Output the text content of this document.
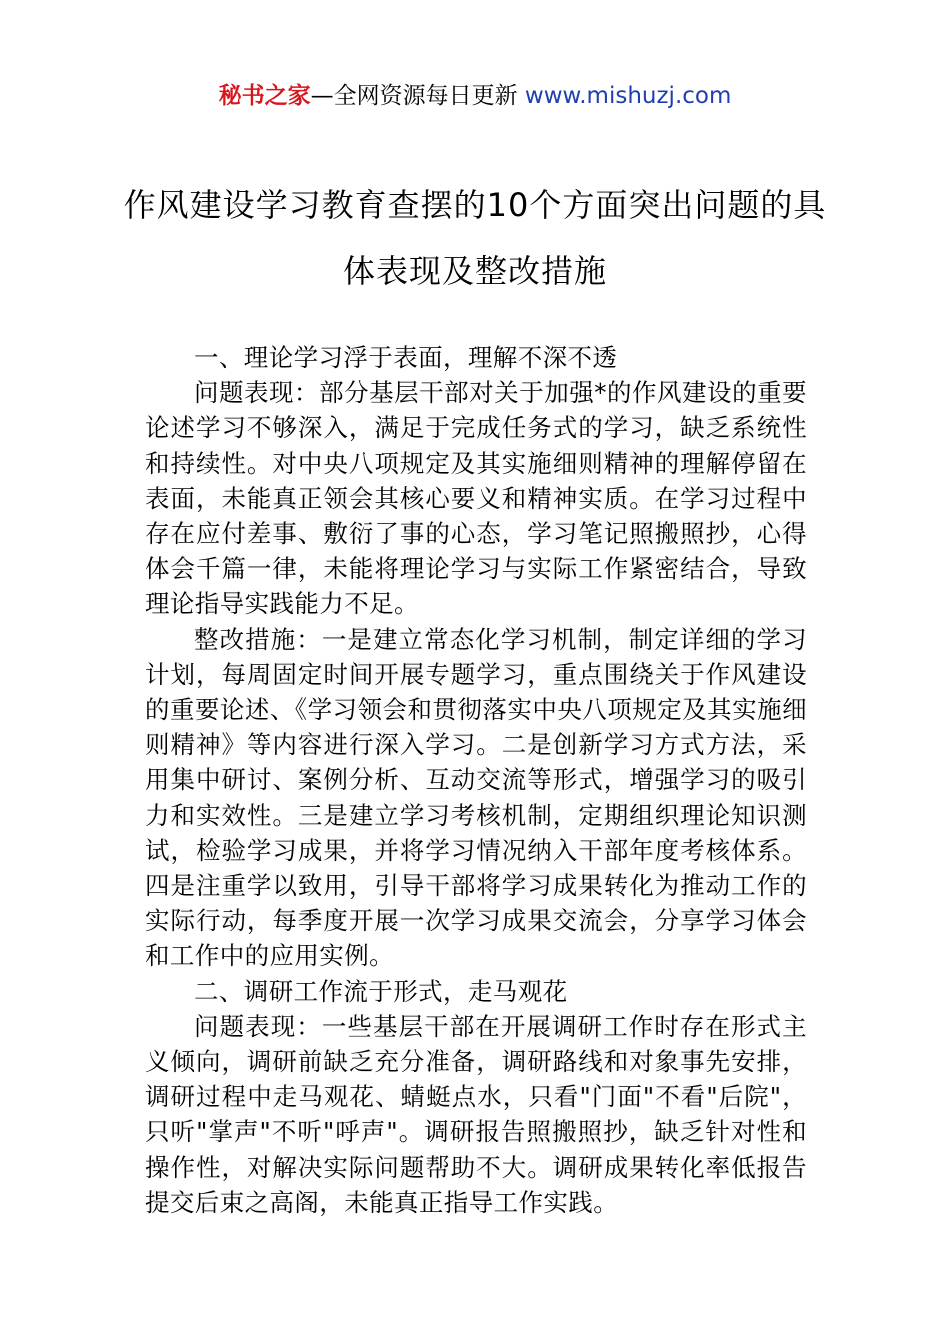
秘书之家—全网资源每日更新 www.mishuzj.com
作风建设学习教育查摆的10个方面突出问题的具体表现及整改措施

一、理论学习浮于表面，理解不深不透

问题表现：部分基层干部对关于加强*的作风建设的重要论述学习不够深入，满足于完成任务式的学习，缺乏系统性和持续性。对中央八项规定及其实施细则精神的理解停留在表面，未能真正领会其核心要义和精神实质。在学习过程中存在应付差事、敷衍了事的心态，学习笔记照搬照抄，心得体会千篇一律，未能将理论学习与实际工作紧密结合，导致理论指导实践能力不足。

整改措施：一是建立常态化学习机制，制定详细的学习计划，每周固定时间开展专题学习，重点围绕关于作风建设的重要论述、《学习领会和贯彻落实中央八项规定及其实施细则精神》等内容进行深入学习。二是创新学习方式方法，采用集中研讨、案例分析、互动交流等形式，增强学习的吸引力和实效性。三是建立学习考核机制，定期组织理论知识测试，检验学习成果，并将学习情况纳入干部年度考核体系。四是注重学以致用，引导干部将学习成果转化为推动工作的实际行动，每季度开展一次学习成果交流会，分享学习体会和工作中的应用实例。

二、调研工作流于形式，走马观花

问题表现：一些基层干部在开展调研工作时存在形式主义倾向，调研前缺乏充分准备，调研路线和对象事先安排，调研过程中走马观花、蜻蜓点水，只看"门面"不看"后院"，只听"掌声"不听"呼声"。调研报告照搬照抄，缺乏针对性和操作性，对解决实际问题帮助不大。调研成果转化率低报告提交后束之高阁，未能真正指导工作实践。
